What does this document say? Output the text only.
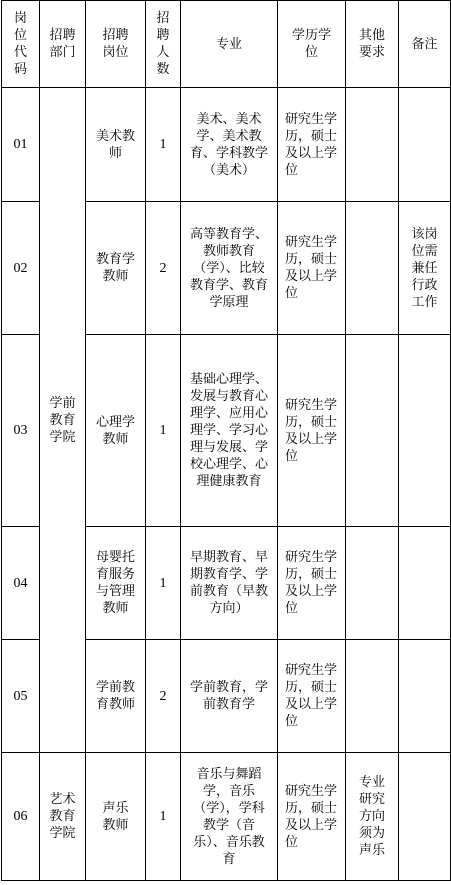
岗位代码	招聘部门	招聘岗位	招聘人数	专业	学历学位	其他要求	备注
01	学前教育学院	美术教师	1	美术、美术学、美术教育、学科教学（美术）	研究生学历，硕士及以上学位		
02		教育学教师	2	高等教育学、教师教育（学）、比较教育学、教育学原理	研究生学历，硕士及以上学位		该岗位需兼任行政工作
03		心理学教师	1	基础心理学、发展与教育心理学、应用心理学、学习心理与发展、学校心理学、心理健康教育	研究生学历，硕士及以上学位		
04		母婴托育服务与管理教师	1	早期教育、早期教育学、学前教育（早教方向）	研究生学历，硕士及以上学位		
05		学前教育教师	2	学前教育，学前教育学	研究生学历，硕士及以上学位		
06	艺术教育学院	声乐教师	1	音乐与舞蹈学，音乐（学），学科教学（音乐）、音乐教育	研究生学历，硕士及以上学位	专业研究方向须为声乐	
